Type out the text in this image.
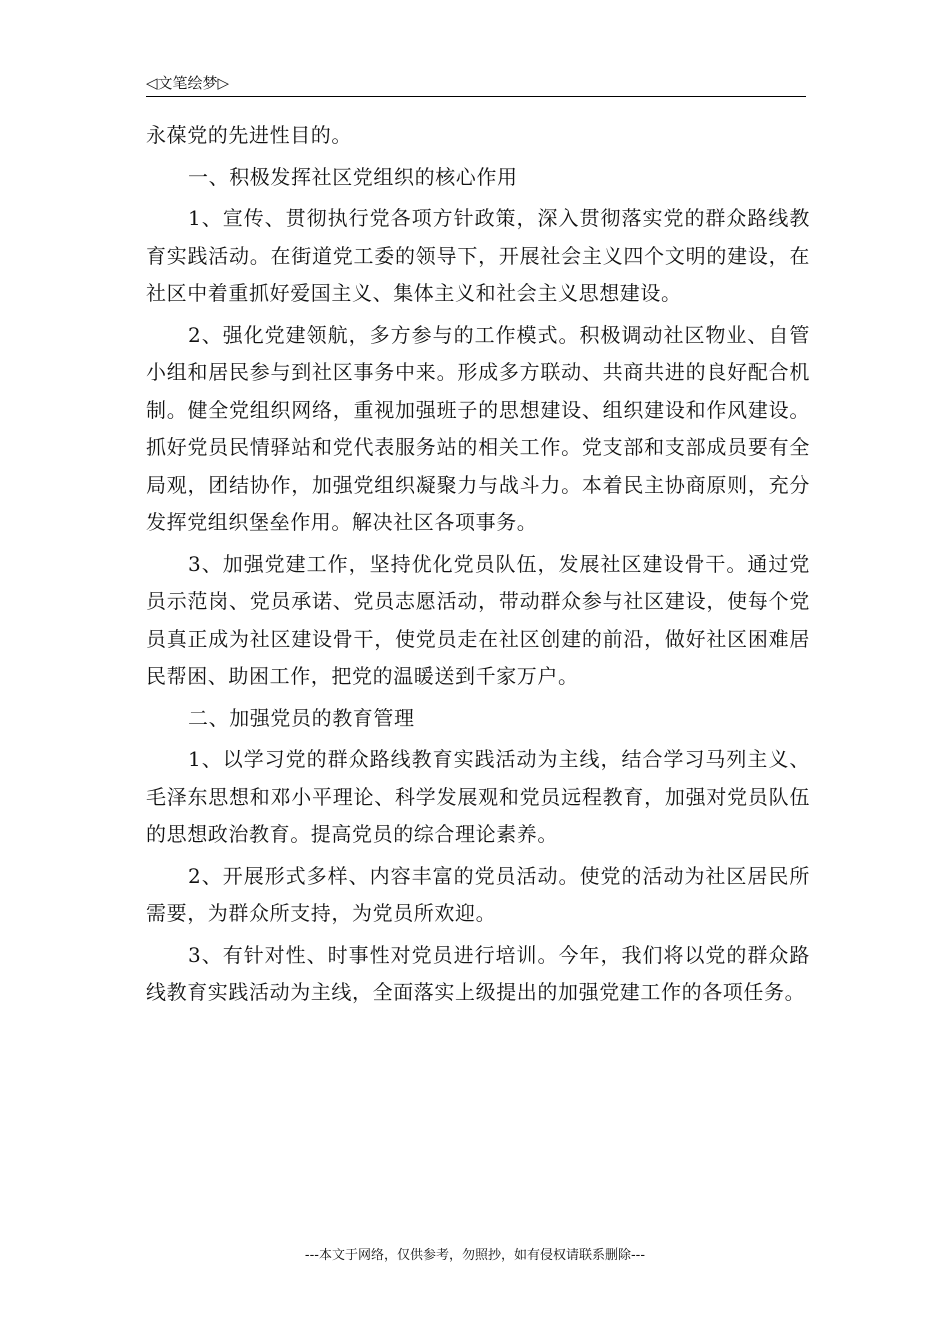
◁文笔绘梦▷

永葆党的先进性目的。

一、积极发挥社区党组织的核心作用

1、宣传、贯彻执行党各项方针政策，深入贯彻落实党的群众路线教育实践活动。在街道党工委的领导下，开展社会主义四个文明的建设，在社区中着重抓好爱国主义、集体主义和社会主义思想建设。

2、强化党建领航，多方参与的工作模式。积极调动社区物业、自管小组和居民参与到社区事务中来。形成多方联动、共商共进的良好配合机制。健全党组织网络，重视加强班子的思想建设、组织建设和作风建设。抓好党员民情驿站和党代表服务站的相关工作。党支部和支部成员要有全局观，团结协作，加强党组织凝聚力与战斗力。本着民主协商原则，充分发挥党组织堡垒作用。解决社区各项事务。

3、加强党建工作，坚持优化党员队伍，发展社区建设骨干。通过党员示范岗、党员承诺、党员志愿活动，带动群众参与社区建设，使每个党员真正成为社区建设骨干，使党员走在社区创建的前沿，做好社区困难居民帮困、助困工作，把党的温暖送到千家万户。

二、加强党员的教育管理

1、以学习党的群众路线教育实践活动为主线，结合学习马列主义、毛泽东思想和邓小平理论、科学发展观和党员远程教育，加强对党员队伍的思想政治教育。提高党员的综合理论素养。

2、开展形式多样、内容丰富的党员活动。使党的活动为社区居民所需要，为群众所支持，为党员所欢迎。

3、有针对性、时事性对党员进行培训。今年，我们将以党的群众路线教育实践活动为主线，全面落实上级提出的加强党建工作的各项任务。

---本文于网络，仅供参考，勿照抄，如有侵权请联系删除---
